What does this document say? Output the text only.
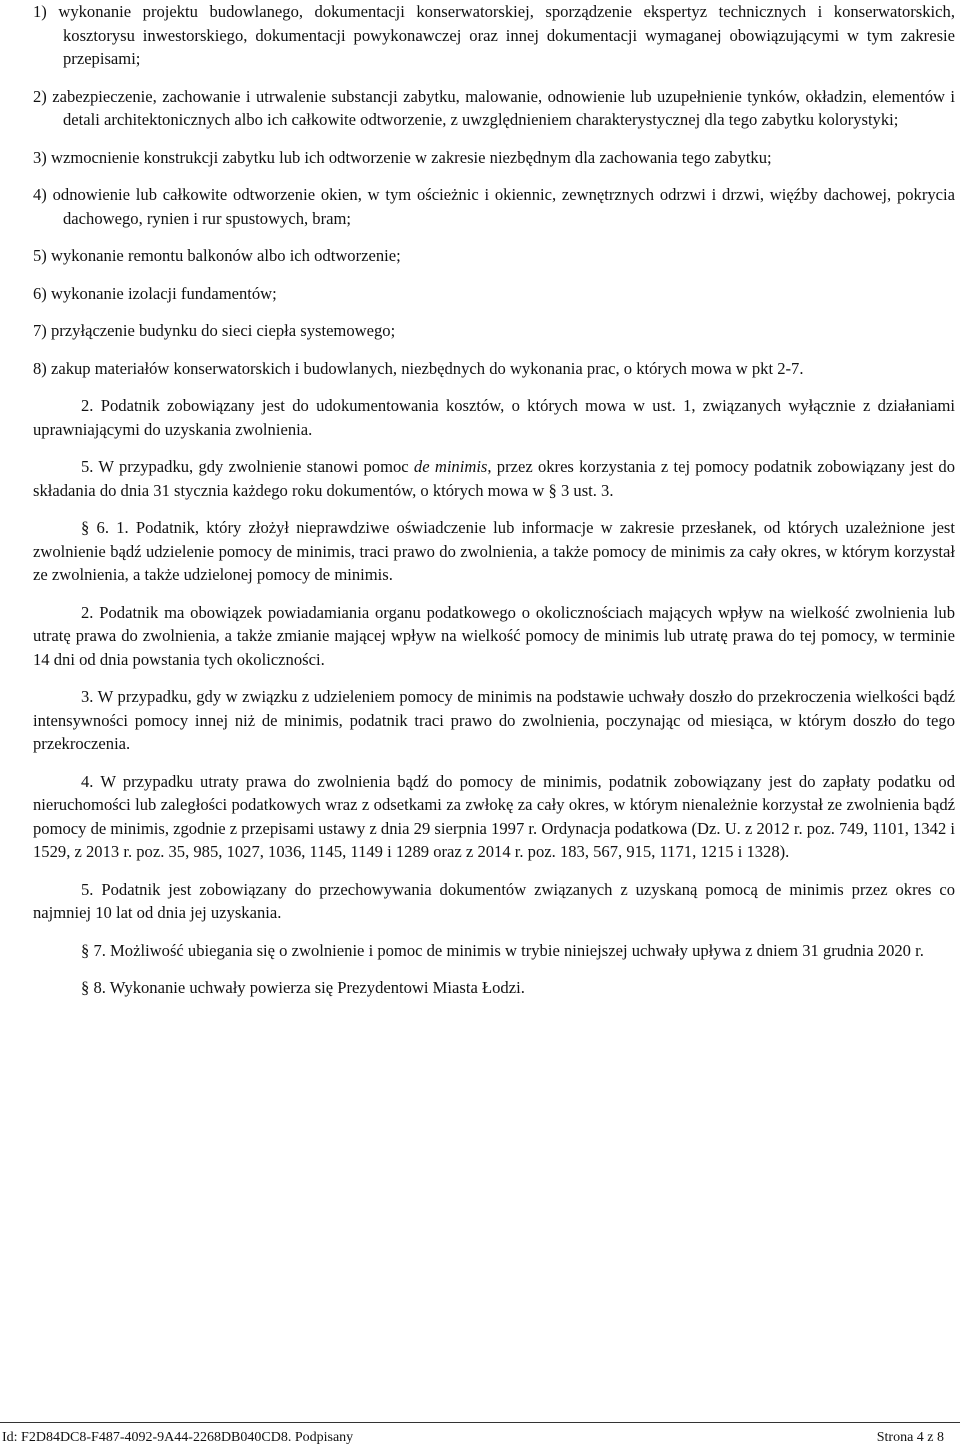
1) wykonanie projektu budowlanego, dokumentacji konserwatorskiej, sporządzenie ekspertyz technicznych i konserwatorskich, kosztorysu inwestorskiego, dokumentacji powykonawczej oraz innej dokumentacji wymaganej obowiązującymi w tym zakresie przepisami;

2) zabezpieczenie, zachowanie i utrwalenie substancji zabytku, malowanie, odnowienie lub uzupełnienie tynków, okładzin, elementów i detali architektonicznych albo ich całkowite odtworzenie, z uwzględnieniem charakterystycznej dla tego zabytku kolorystyki;

3) wzmocnienie konstrukcji zabytku lub ich odtworzenie w zakresie niezbędnym dla zachowania tego zabytku;

4) odnowienie lub całkowite odtworzenie okien, w tym ościeżnic i okiennic, zewnętrznych odrzwi i drzwi, więźby dachowej, pokrycia dachowego, rynien i rur spustowych, bram;

5) wykonanie remontu balkonów albo ich odtworzenie;

6) wykonanie izolacji fundamentów;

7) przyłączenie budynku do sieci ciepła systemowego;

8) zakup materiałów konserwatorskich i budowlanych, niezbędnych do wykonania prac, o których mowa w pkt 2-7.

2. Podatnik zobowiązany jest do udokumentowania kosztów, o których mowa w ust. 1, związanych wyłącznie z działaniami uprawniającymi do uzyskania zwolnienia.

5. W przypadku, gdy zwolnienie stanowi pomoc de minimis, przez okres korzystania z tej pomocy podatnik zobowiązany jest do składania do dnia 31 stycznia każdego roku dokumentów, o których mowa w § 3 ust. 3.

§ 6. 1. Podatnik, który złożył nieprawdziwe oświadczenie lub informacje w zakresie przesłanek, od których uzależnione jest zwolnienie bądź udzielenie pomocy de minimis, traci prawo do zwolnienia, a także pomocy de minimis za cały okres, w którym korzystał ze zwolnienia, a także udzielonej pomocy de minimis.

2. Podatnik ma obowiązek powiadamiania organu podatkowego o okolicznościach mających wpływ na wielkość zwolnienia lub utratę prawa do zwolnienia, a także zmianie mającej wpływ na wielkość pomocy de minimis lub utratę prawa do tej pomocy, w terminie 14 dni od dnia powstania tych okoliczności.

3. W przypadku, gdy w związku z udzieleniem pomocy de minimis na podstawie uchwały doszło do przekroczenia wielkości bądź intensywności pomocy innej niż de minimis, podatnik traci prawo do zwolnienia, poczynając od miesiąca, w którym doszło do tego przekroczenia.

4. W przypadku utraty prawa do zwolnienia bądź do pomocy de minimis, podatnik zobowiązany jest do zapłaty podatku od nieruchomości lub zaległości podatkowych wraz z odsetkami za zwłokę za cały okres, w którym nienależnie korzystał ze zwolnienia bądź pomocy de minimis, zgodnie z przepisami ustawy z dnia 29 sierpnia 1997 r. Ordynacja podatkowa (Dz. U. z 2012 r. poz. 749, 1101, 1342 i 1529, z 2013 r. poz. 35, 985, 1027, 1036, 1145, 1149 i 1289 oraz z 2014 r. poz. 183, 567, 915, 1171, 1215 i 1328).

5. Podatnik jest zobowiązany do przechowywania dokumentów związanych z uzyskaną pomocą de minimis przez okres co najmniej 10 lat od dnia jej uzyskania.

§ 7. Możliwość ubiegania się o zwolnienie i pomoc de minimis w trybie niniejszej uchwały upływa z dniem 31 grudnia 2020 r.

§ 8. Wykonanie uchwały powierza się Prezydentowi Miasta Łodzi.

Id: F2D84DC8-F487-4092-9A44-2268DB040CD8. Podpisany	Strona 4 z 8
